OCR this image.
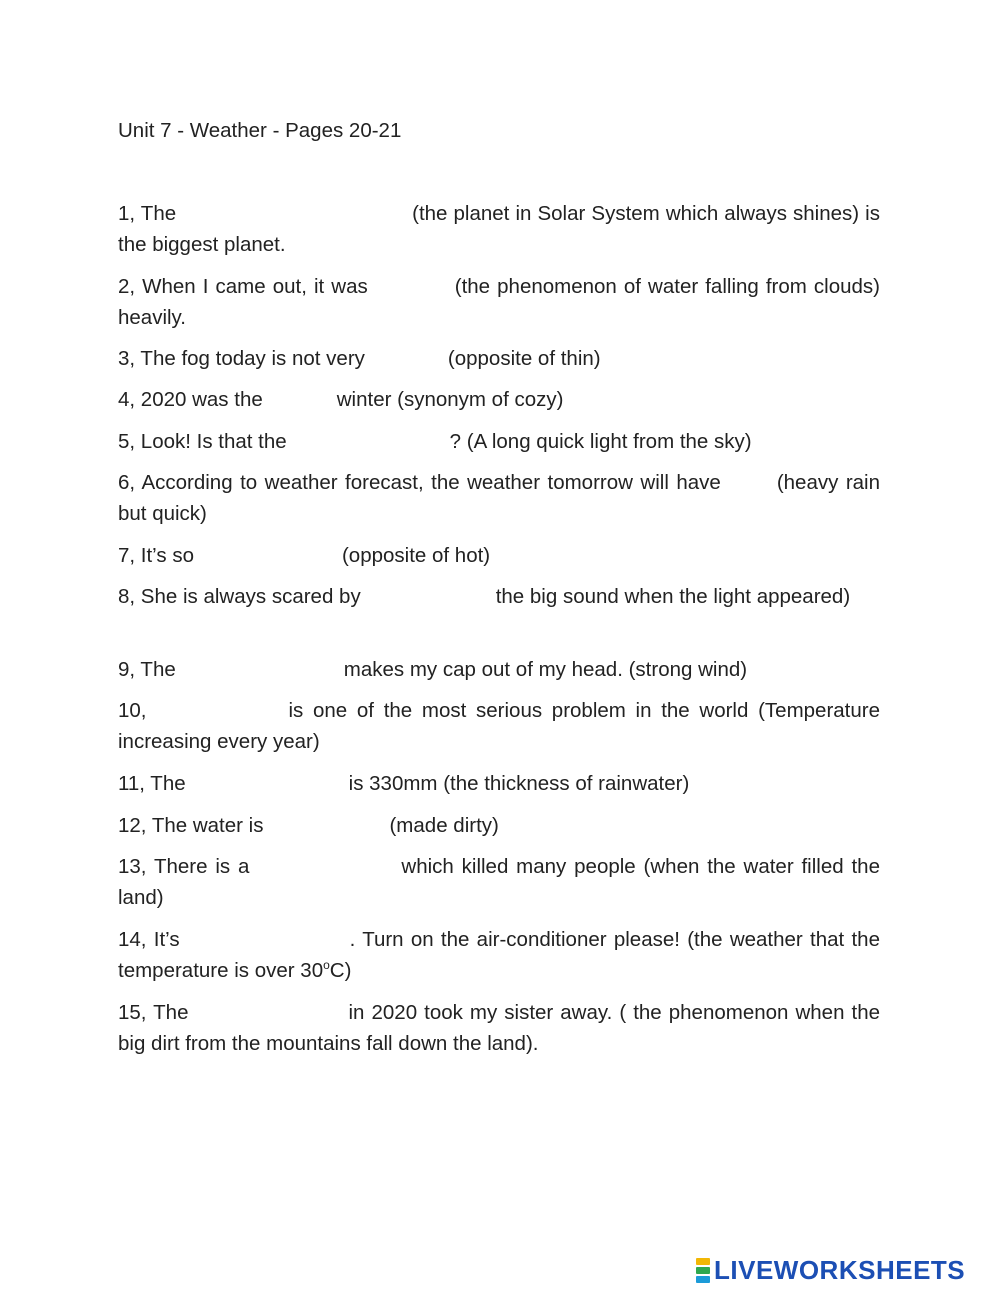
Unit 7 - Weather - Pages 20-21

1, The	(the planet in Solar System which always shines) is the biggest planet.

2, When I came out, it was	(the phenomenon of water falling from clouds) heavily.

3, The fog today is not very	(opposite of thin)

4, 2020 was the	winter (synonym of cozy)

5, Look! Is that the	? (A long quick light from the sky)

6, According to weather forecast, the weather tomorrow will have	(heavy rain but quick)

7, It’s so	(opposite of hot)

8, She is always scared by	the big sound when the light appeared)

9, The	makes my cap out of my head. (strong wind)

10,	is one of the most serious problem in the world (Temperature increasing every year)

11, The	is 330mm (the thickness of rainwater)

12, The water is	(made dirty)

13, There is a	which killed many people (when the water filled the land)

14, It’s	. Turn on the air-conditioner please! (the weather that the temperature is over 30$^o$C)

15, The	in 2020 took my sister away. ( the phenomenon when the big dirt from the mountains fall down the land).

LIVEWORKSHEETS
